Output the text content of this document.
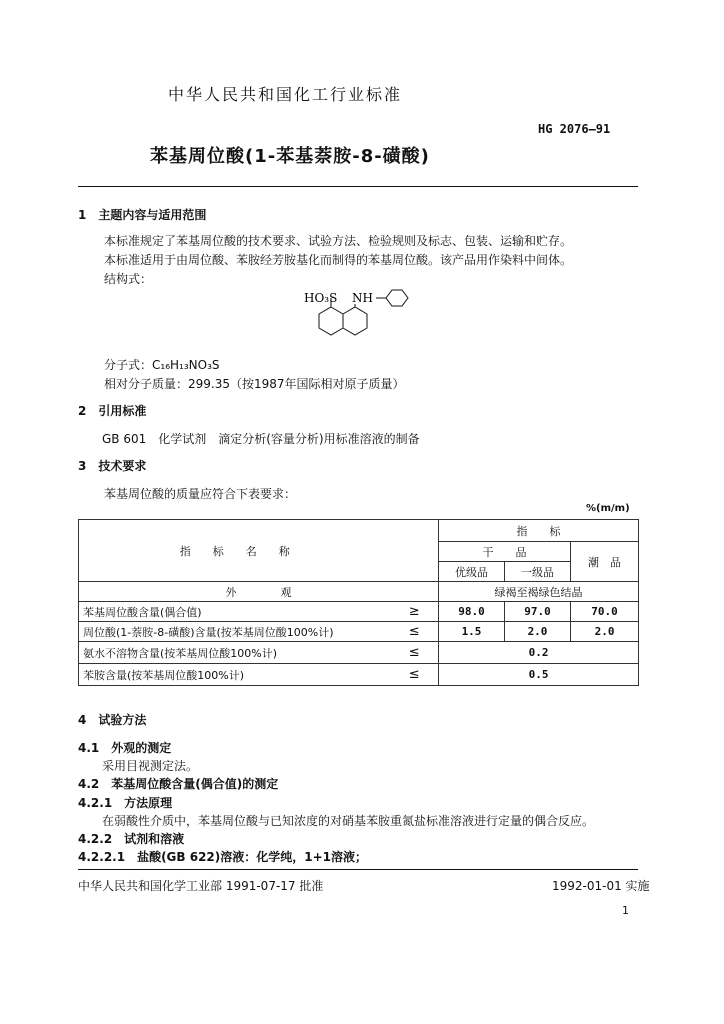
中华人民共和国化工行业标准
HG 2076—91
苯基周位酸(1-苯基萘胺-8-磺酸)
1　主题内容与适用范围
本标准规定了苯基周位酸的技术要求、试验方法、检验规则及标志、包装、运输和贮存。
本标准适用于由周位酸、苯胺经芳胺基化而制得的苯基周位酸。该产品用作染料中间体。
结构式：
HO₃S NH
分子式：C₁₆H₁₃NO₃S
相对分子质量：299.35（按1987年国际相对原子质量）
2　引用标准
GB 601　化学试剂　滴定分析(容量分析)用标准溶液的制备
3　技术要求
苯基周位酸的质量应符合下表要求：
%(m/m)
指　　标　　名　　称		指　　标		
		干　　品		潮　品
		优级品	一级品	
外　　　　观		绿褐至褐绿色结晶		
苯基周位酸含量(偶合值)	≥	98.0	97.0	70.0
周位酸(1-萘胺-8-磺酸)含量(按苯基周位酸100%计)	≤	1.5	2.0	2.0
氨水不溶物含量(按苯基周位酸100%计)	≤	0.2		
苯胺含量(按苯基周位酸100%计)	≤	0.5		
4　试验方法
4.1　外观的测定
采用目视测定法。
4.2　苯基周位酸含量(偶合值)的测定
4.2.1　方法原理
在弱酸性介质中，苯基周位酸与已知浓度的对硝基苯胺重氮盐标准溶液进行定量的偶合反应。
4.2.2　试剂和溶液
4.2.2.1　盐酸(GB 622)溶液：化学纯，1+1溶液；
中华人民共和国化学工业部 1991-07-17 批准	1992-01-01 实施
1
